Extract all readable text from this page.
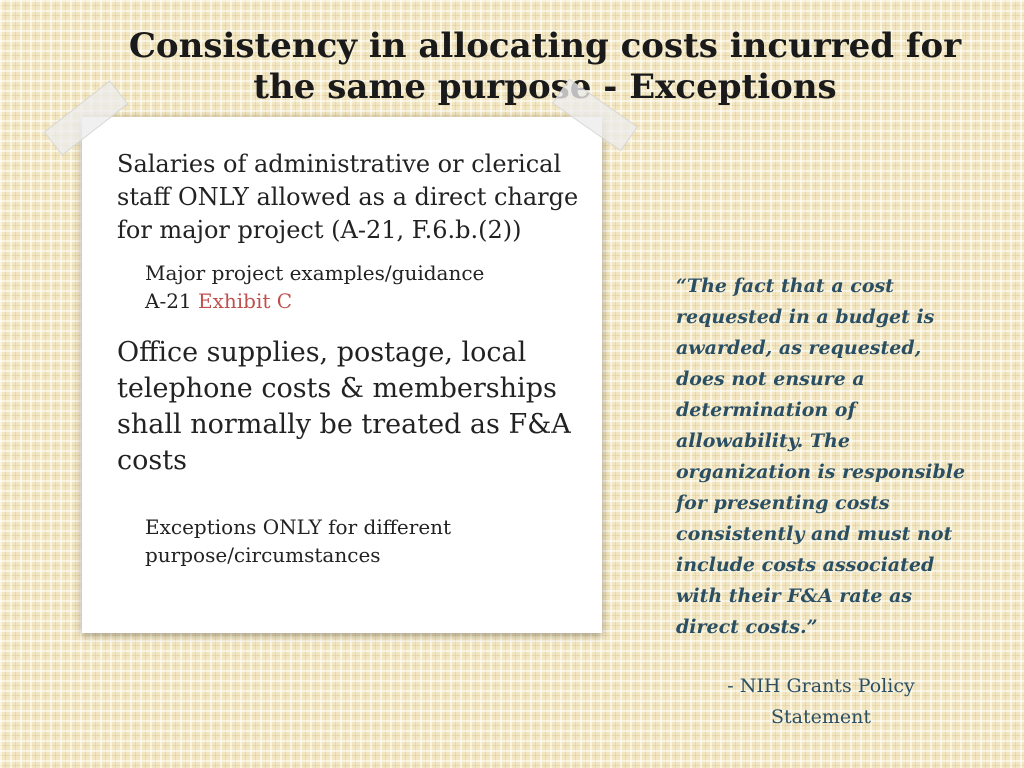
Consistency in allocating costs incurred for
the same purpose - Exceptions

Salaries of administrative or clerical staff ONLY allowed as a direct charge for major project (A-21, F.6.b.(2))

Major project examples/guidance
A-21 Exhibit C

Office supplies, postage, local telephone costs & memberships shall normally be treated as F&A costs

Exceptions ONLY for different purpose/circumstances

“The fact that a cost requested in a budget is awarded, as requested, does not ensure a determination of allowability. The organization is responsible for presenting costs consistently and must not include costs associated with their F&A rate as direct costs.”

- NIH Grants Policy Statement
